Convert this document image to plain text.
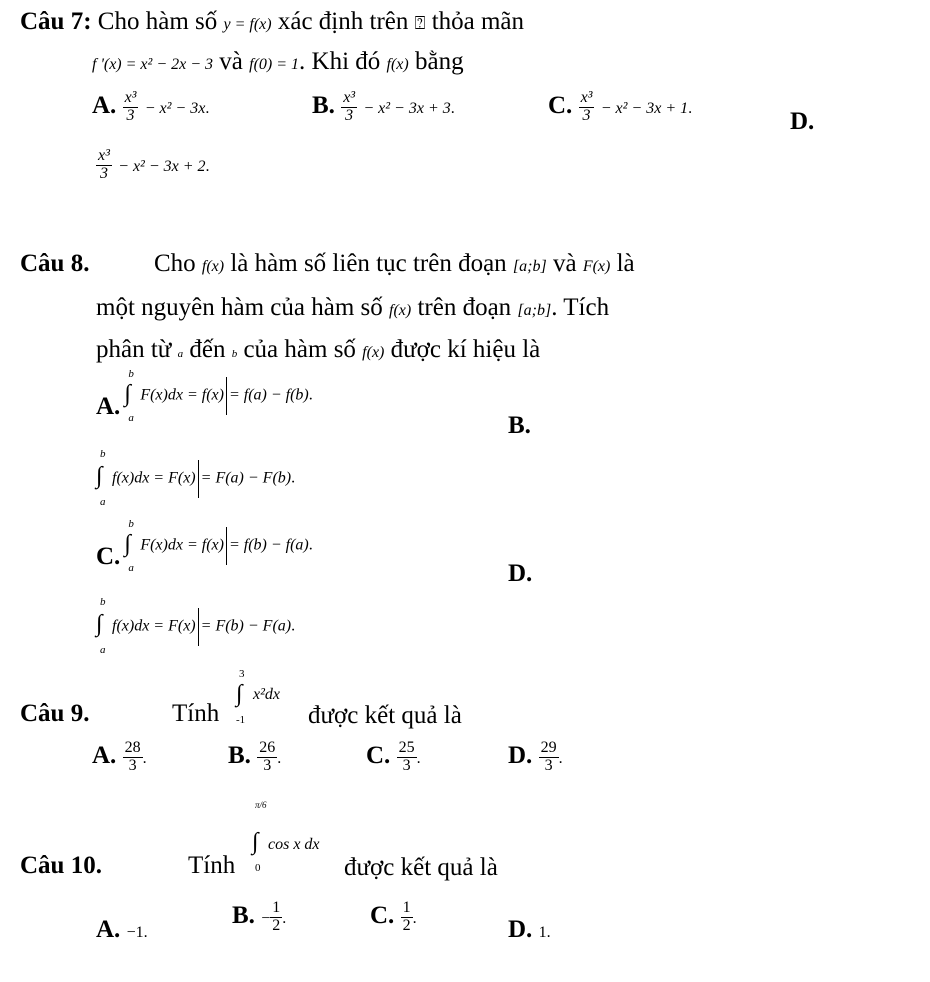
Câu 7: Cho hàm số y = f(x) xác định trên ⍰ thỏa mãn
f '(x) = x² − 2x − 3 và f(0) = 1. Khi đó f(x) bằng
A. $\frac{\text{x³}}{3} - x^2 - 3x$.	B. $\frac{\text{x³}}{3} - x^2 - 3x + 3$.	C. $\frac{\text{x³}}{3} - x^2 - 3x + 1$.	D.
$\frac{\text{x³}}{3} - x^2 - 3x + 2$.
Câu 8.	Cho f(x) là hàm số liên tục trên đoạn [a;b] và F(x) là
một nguyên hàm của hàm số f(x) trên đoạn [a;b]. Tích
phân từ a đến b của hàm số f(x) được kí hiệu là
A.
b
∫
a
F(x)dx = f(x) = f(a) − f(b).
B.
b
∫
a
f(x)dx = F(x) = F(a) − F(b).
C.
b
∫
a
F(x)dx = f(x) = f(b) − f(a).
D.
b
∫
a
f(x)dx = F(x) = F(b) − F(a).
Câu 9.	Tính
3
∫
-1
x²dx
được kết quả là
A. $\frac{28}{3}$ .	B. $\frac{26}{3}$ .	C. $\frac{25}{3}$ .	D. $\frac{29}{3}$ .
Câu 10.	Tính
π/6
∫
0
cos x dx
được kết quả là
A. −1.
B. − $\frac{1}{2}$ .	C. $\frac{1}{2}$ .	D. 1.
